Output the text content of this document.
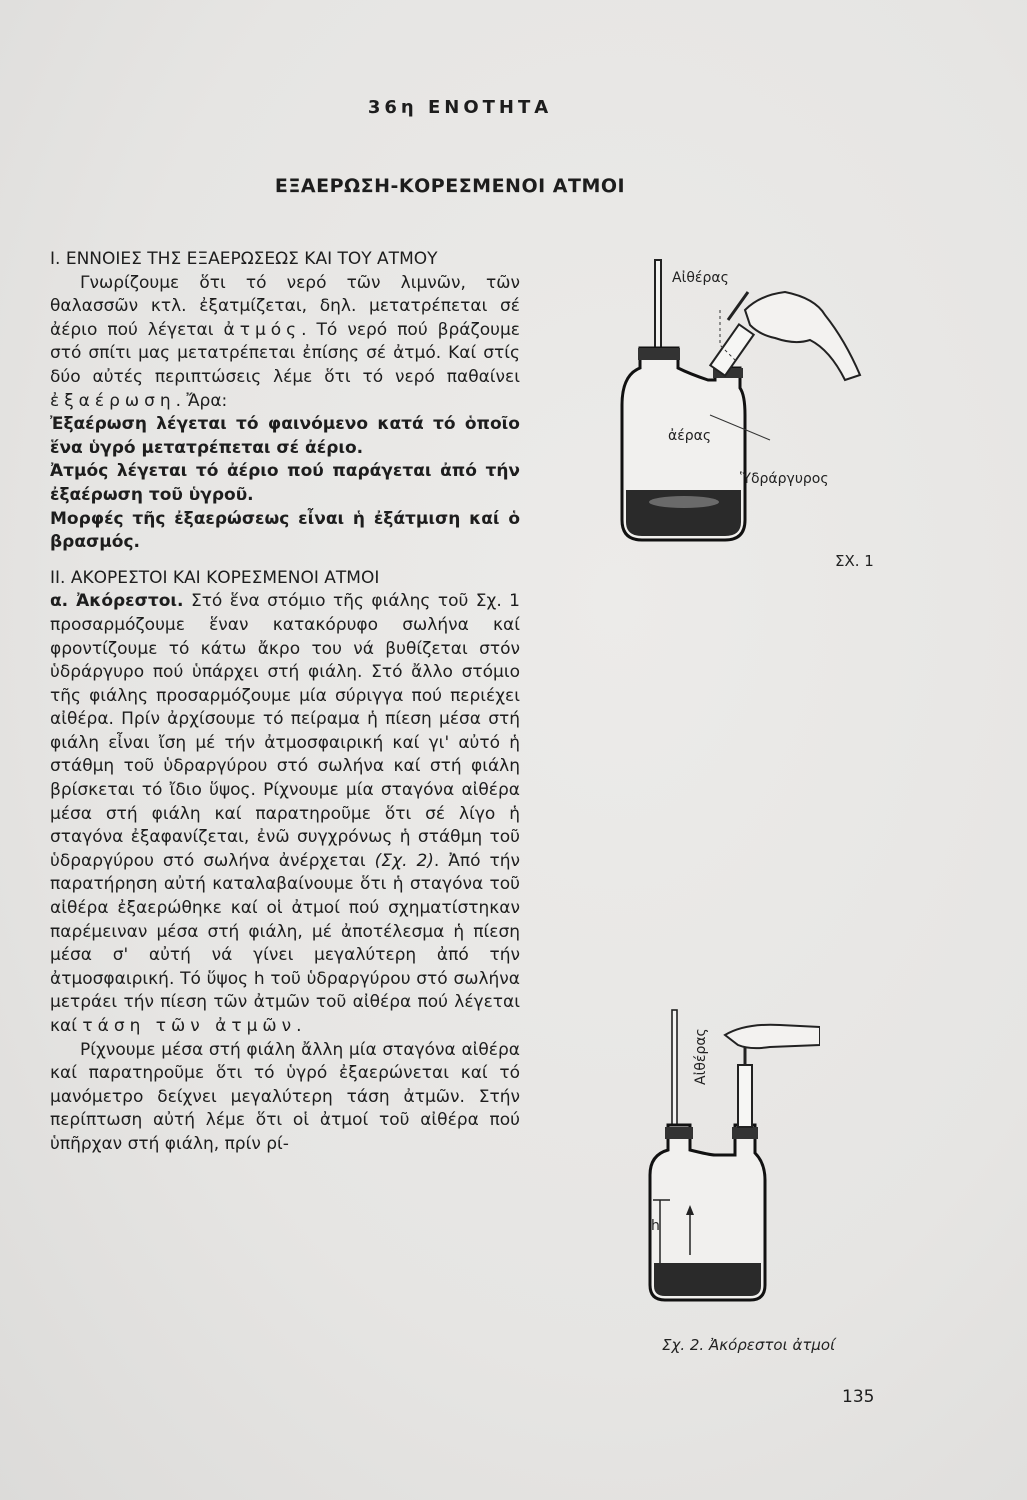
36η ΕΝΟΤΗΤΑ
ΕΞΑΕΡΩΣΗ-ΚΟΡΕΣΜΕΝΟΙ ΑΤΜΟΙ

Ι. ΕΝΝΟΙΕΣ ΤΗΣ ΕΞΑΕΡΩΣΕΩΣ ΚΑΙ ΤΟΥ ΑΤΜΟΥ

Γνωρίζουμε ὅτι τό νερό τῶν λιμνῶν, τῶν θαλασσῶν κτλ. ἐξατμίζεται, δηλ. μετατρέπεται σέ ἀέριο πού λέγεται ἀτμός. Τό νερό πού βράζουμε στό σπίτι μας μετατρέπεται ἐπίσης σέ ἀτμό. Καί στίς δύο αὐτές περιπτώσεις λέμε ὅτι τό νερό παθαίνει ἐξαέρωση. Ἄρα:

Ἐξαέρωση λέγεται τό φαινόμενο κατά τό ὁποῖο ἕνα ὑγρό μετατρέπεται σέ ἀέριο.

Ἀτμός λέγεται τό ἀέριο πού παράγεται ἀπό τήν ἐξαέρωση τοῦ ὑγροῦ.

Μορφές τῆς ἐξαερώσεως εἶναι ἡ ἐξάτμιση καί ὁ βρασμός.

ΙΙ. ΑΚΟΡΕΣΤΟΙ ΚΑΙ ΚΟΡΕΣΜΕΝΟΙ ΑΤΜΟΙ

α. Ἀκόρεστοι. Στό ἕνα στόμιο τῆς φιάλης τοῦ Σχ. 1 προσαρμόζουμε ἕναν κατακόρυφο σωλήνα καί φροντίζουμε τό κάτω ἄκρο του νά βυθίζεται στόν ὑδράργυρο πού ὑπάρχει στή φιάλη. Στό ἄλλο στόμιο τῆς φιάλης προσαρμόζουμε μία σύριγγα πού περιέχει αἰθέρα. Πρίν ἀρχίσουμε τό πείραμα ἡ πίεση μέσα στή φιάλη εἶναι ἴση μέ τήν ἀτμοσφαιρική καί γι' αὐτό ἡ στάθμη τοῦ ὑδραργύρου στό σωλήνα καί στή φιάλη βρίσκεται τό ἴδιο ὕψος. Ρίχνουμε μία σταγόνα αἰθέρα μέσα στή φιάλη καί παρατηροῦμε ὅτι σέ λίγο ἡ σταγόνα ἐξαφανίζεται, ἐνῶ συγχρόνως ἡ στάθμη τοῦ ὑδραργύρου στό σωλήνα ἀνέρχεται (Σχ. 2). Ἀπό τήν παρατήρηση αὐτή καταλαβαίνουμε ὅτι ἡ σταγόνα τοῦ αἰθέρα ἐξαερώθηκε καί οἱ ἀτμοί πού σχηματίστηκαν παρέμειναν μέσα στή φιάλη, μέ ἀποτέλεσμα ἡ πίεση μέσα σ' αὐτή νά γίνει μεγαλύτερη ἀπό τήν ἀτμοσφαιρική. Τό ὕψος h τοῦ ὑδραργύρου στό σωλήνα μετράει τήν πίεση τῶν ἀτμῶν τοῦ αἰθέρα πού λέγεται καί τάση τῶν ἀτμῶν.

Ρίχνουμε μέσα στή φιάλη ἄλλη μία σταγόνα αἰθέρα καί παρατηροῦμε ὅτι τό ὑγρό ἐξαερώνεται καί τό μανόμετρο δείχνει μεγαλύτερη τάση ἀτμῶν. Στήν περίπτωση αὐτή λέμε ὅτι οἱ ἀτμοί τοῦ αἰθέρα πού ὑπῆρχαν στή φιάλη, πρίν ρί-

Αἰθέρας
ἀέρας
Ὑδράργυρος
ΣΧ. 1
Αἰθέρας
h
Σχ. 2. Ἀκόρεστοι ἀτμοί
135
